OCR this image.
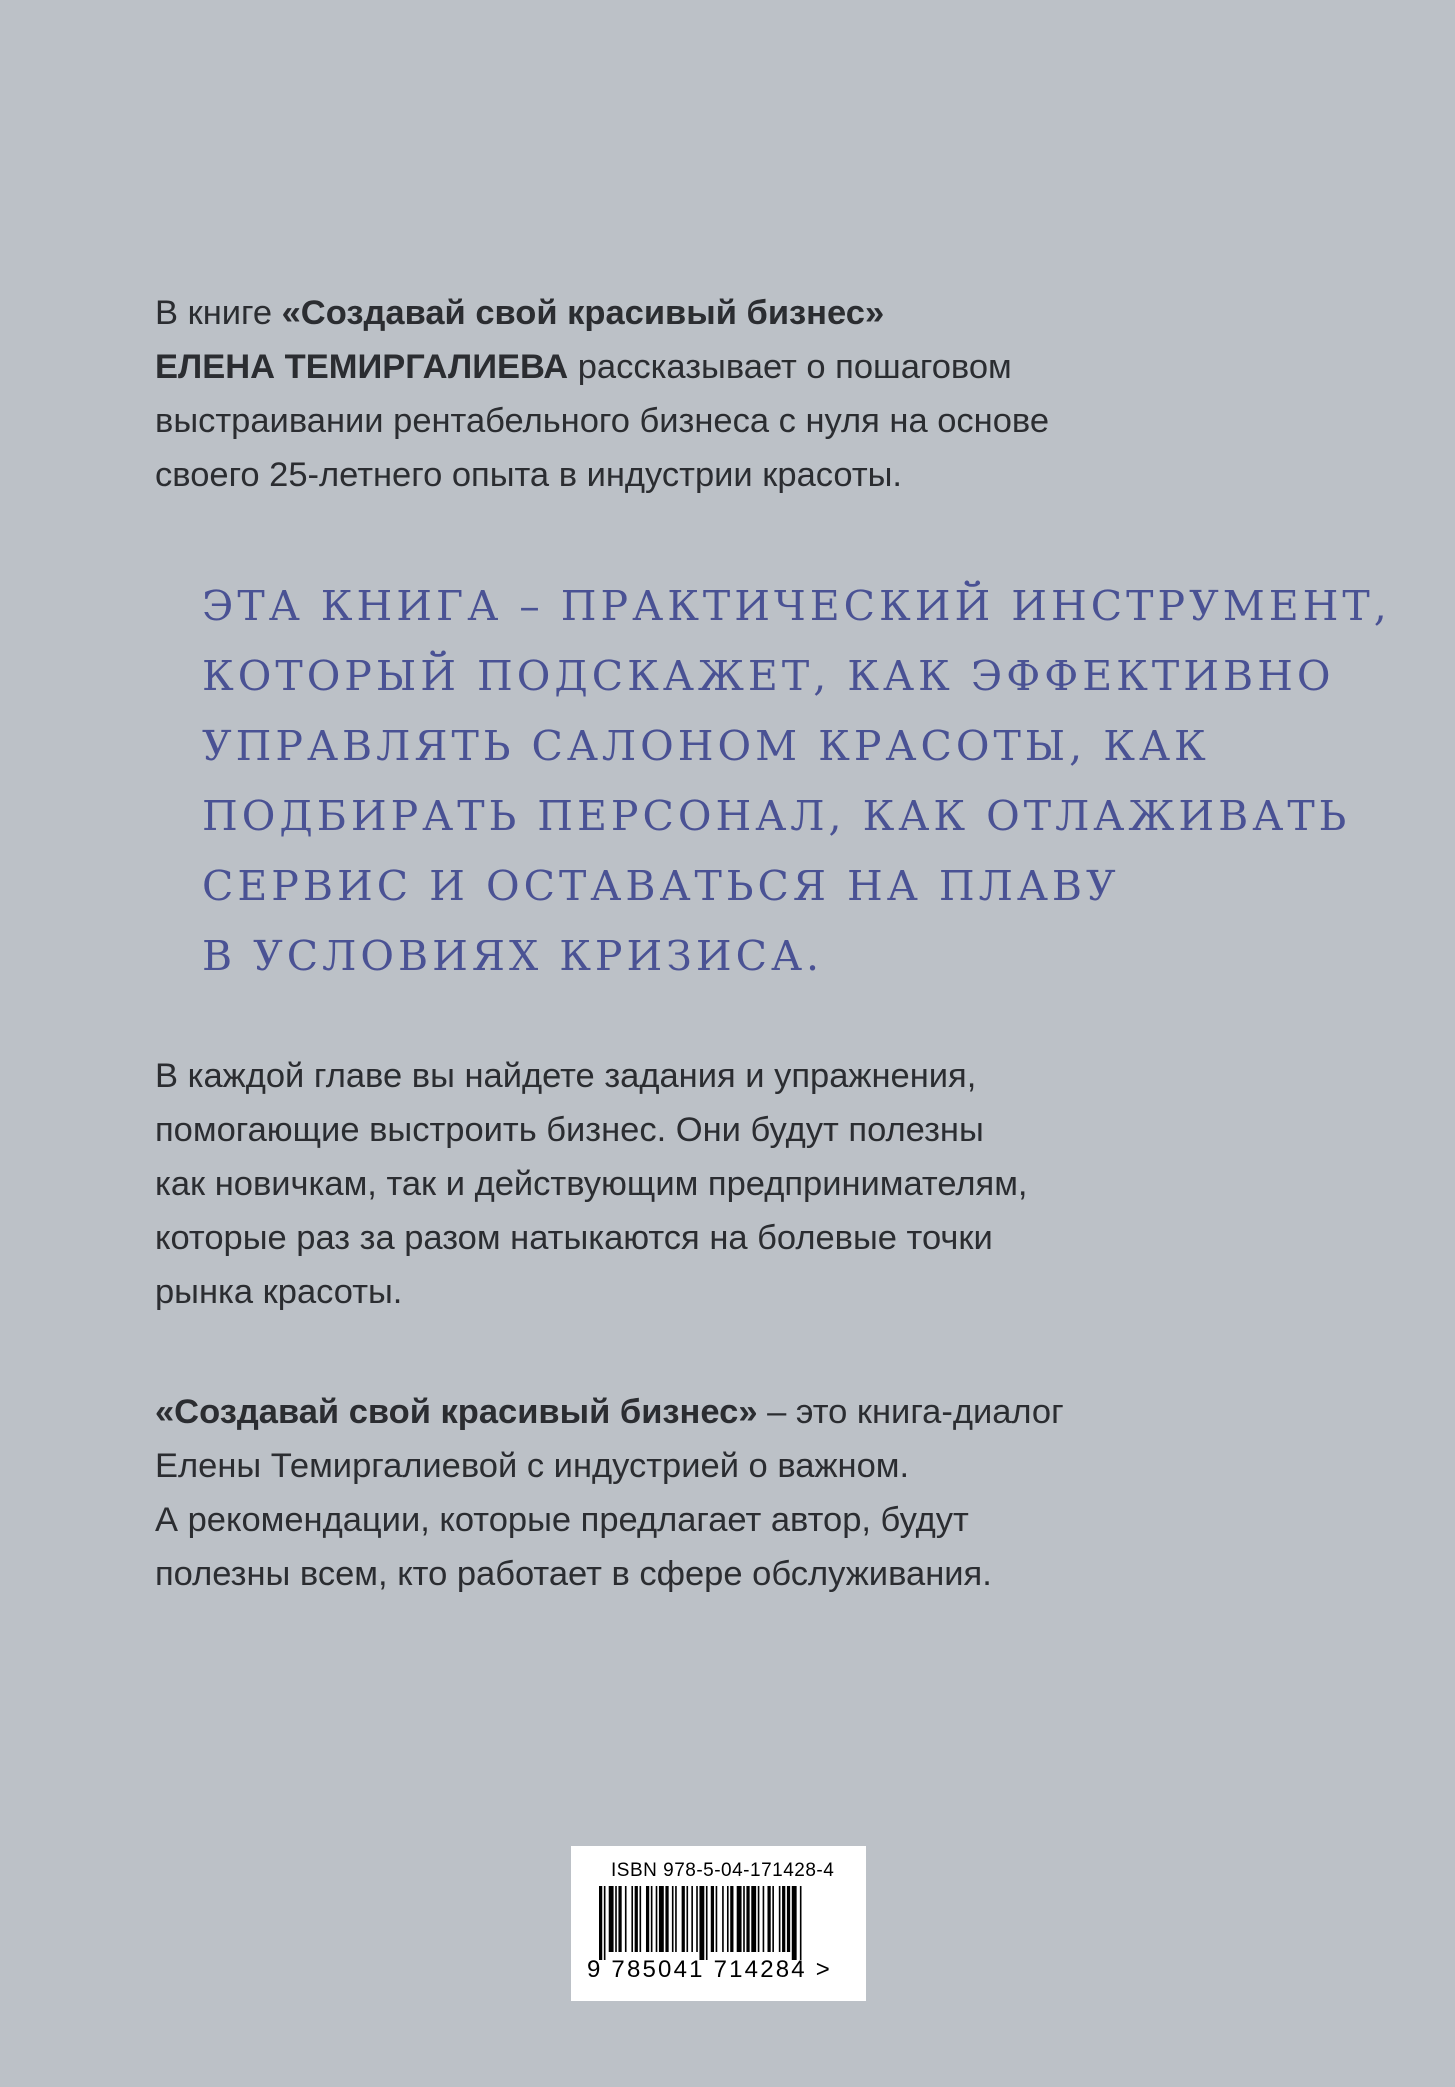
В книге «Создавай свой красивый бизнес»
ЕЛЕНА ТЕМИРГАЛИЕВА рассказывает о пошаговом
выстраивании рентабельного бизнеса с нуля на основе
своего 25-летнего опыта в индустрии красоты.
ЭТА КНИГА – ПРАКТИЧЕСКИЙ ИНСТРУМЕНТ,
КОТОРЫЙ ПОДСКАЖЕТ, КАК ЭФФЕКТИВНО
УПРАВЛЯТЬ САЛОНОМ КРАСОТЫ, КАК
ПОДБИРАТЬ ПЕРСОНАЛ, КАК ОТЛАЖИВАТЬ
СЕРВИС И ОСТАВАТЬСЯ НА ПЛАВУ
В УСЛОВИЯХ КРИЗИСА.
В каждой главе вы найдете задания и упражнения,
помогающие выстроить бизнес. Они будут полезны
как новичкам, так и действующим предпринимателям,
которые раз за разом натыкаются на болевые точки
рынка красоты.
«Создавай свой красивый бизнес» – это книга-диалог
Елены Темиргалиевой с индустрией о важном.
А рекомендации, которые предлагает автор, будут
полезны всем, кто работает в сфере обслуживания.
ISBN 978-5-04-171428-4
9 785041 714284 >
